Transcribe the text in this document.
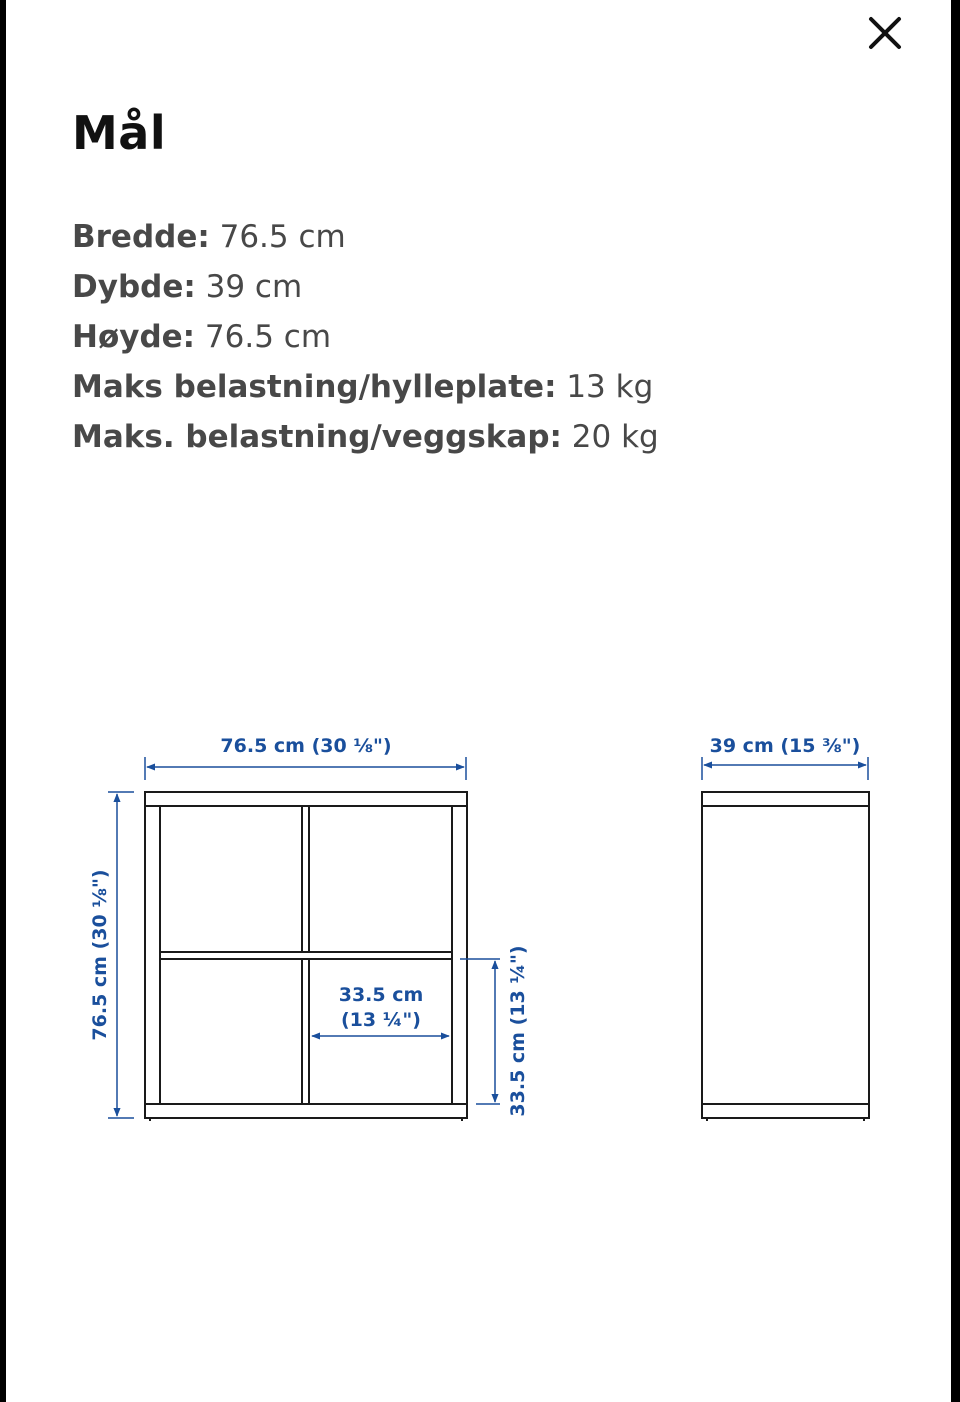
Mål
Bredde: 76.5 cm
Dybde: 39 cm
Høyde: 76.5 cm
Maks belastning/hylleplate: 13 kg
Maks. belastning/veggskap: 20 kg
76.5 cm (30 ⅛")
76.5 cm (30 ⅛")	33.5 cm
(13 ¼")	33.5 cm (13 ¼")
39 cm (15 ⅜")
